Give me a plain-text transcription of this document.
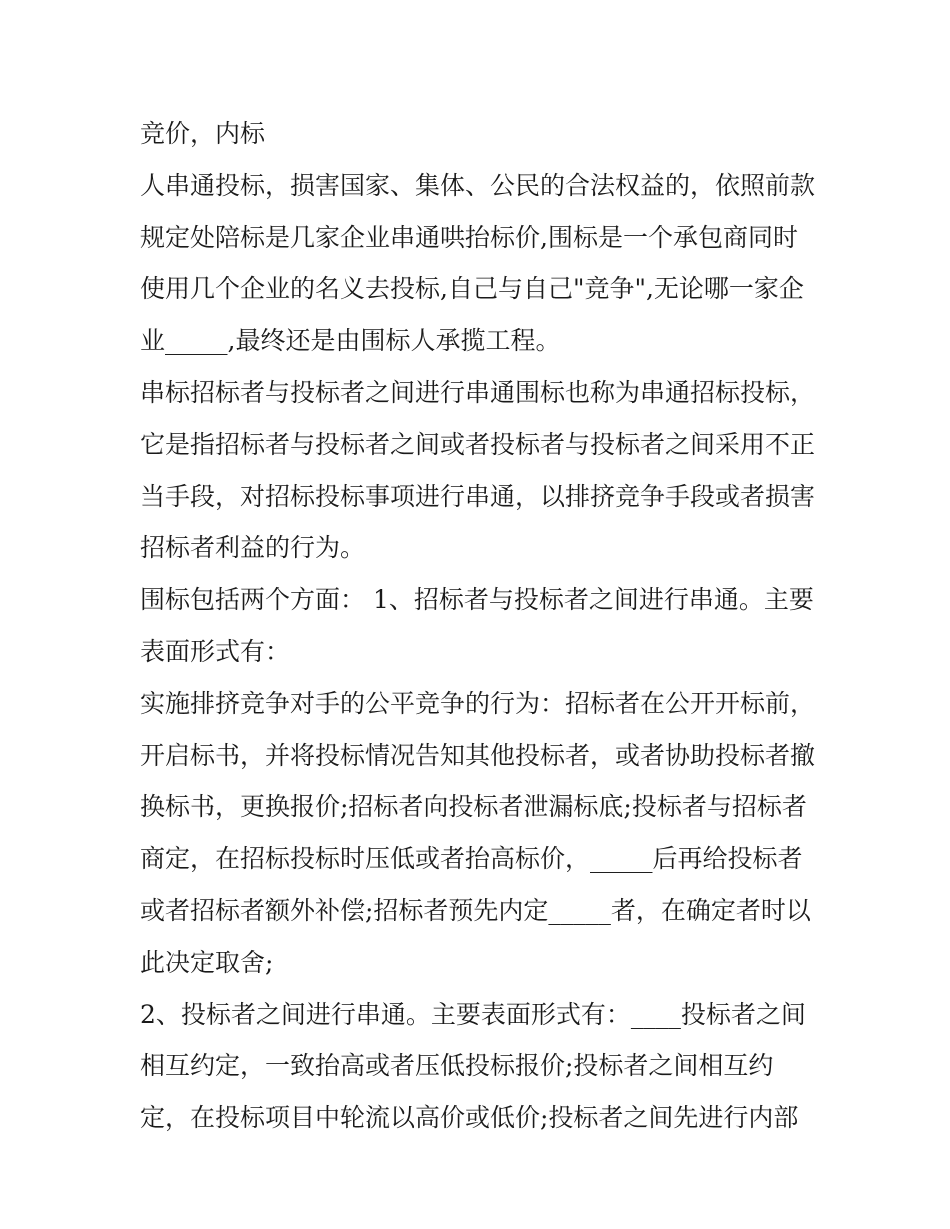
竞价，内标
人串通投标，损害国家、集体、公民的合法权益的，依照前款
规定处陪标是几家企业串通哄抬标价,围标是一个承包商同时
使用几个企业的名义去投标,自己与自己"竞争",无论哪一家企
业_____,最终还是由围标人承揽工程。
串标招标者与投标者之间进行串通围标也称为串通招标投标，
它是指招标者与投标者之间或者投标者与投标者之间采用不正
当手段，对招标投标事项进行串通，以排挤竞争手段或者损害
招标者利益的行为。
围标包括两个方面： 1、招标者与投标者之间进行串通。主要
表面形式有：
实施排挤竞争对手的公平竞争的行为：招标者在公开开标前，
开启标书，并将投标情况告知其他投标者，或者协助投标者撤
换标书，更换报价;招标者向投标者泄漏标底;投标者与招标者
商定，在招标投标时压低或者抬高标价，_____后再给投标者
或者招标者额外补偿;招标者预先内定_____者，在确定者时以
此决定取舍;
2、投标者之间进行串通。主要表面形式有：____投标者之间
相互约定，一致抬高或者压低投标报价;投标者之间相互约
定，在投标项目中轮流以高价或低价;投标者之间先进行内部
